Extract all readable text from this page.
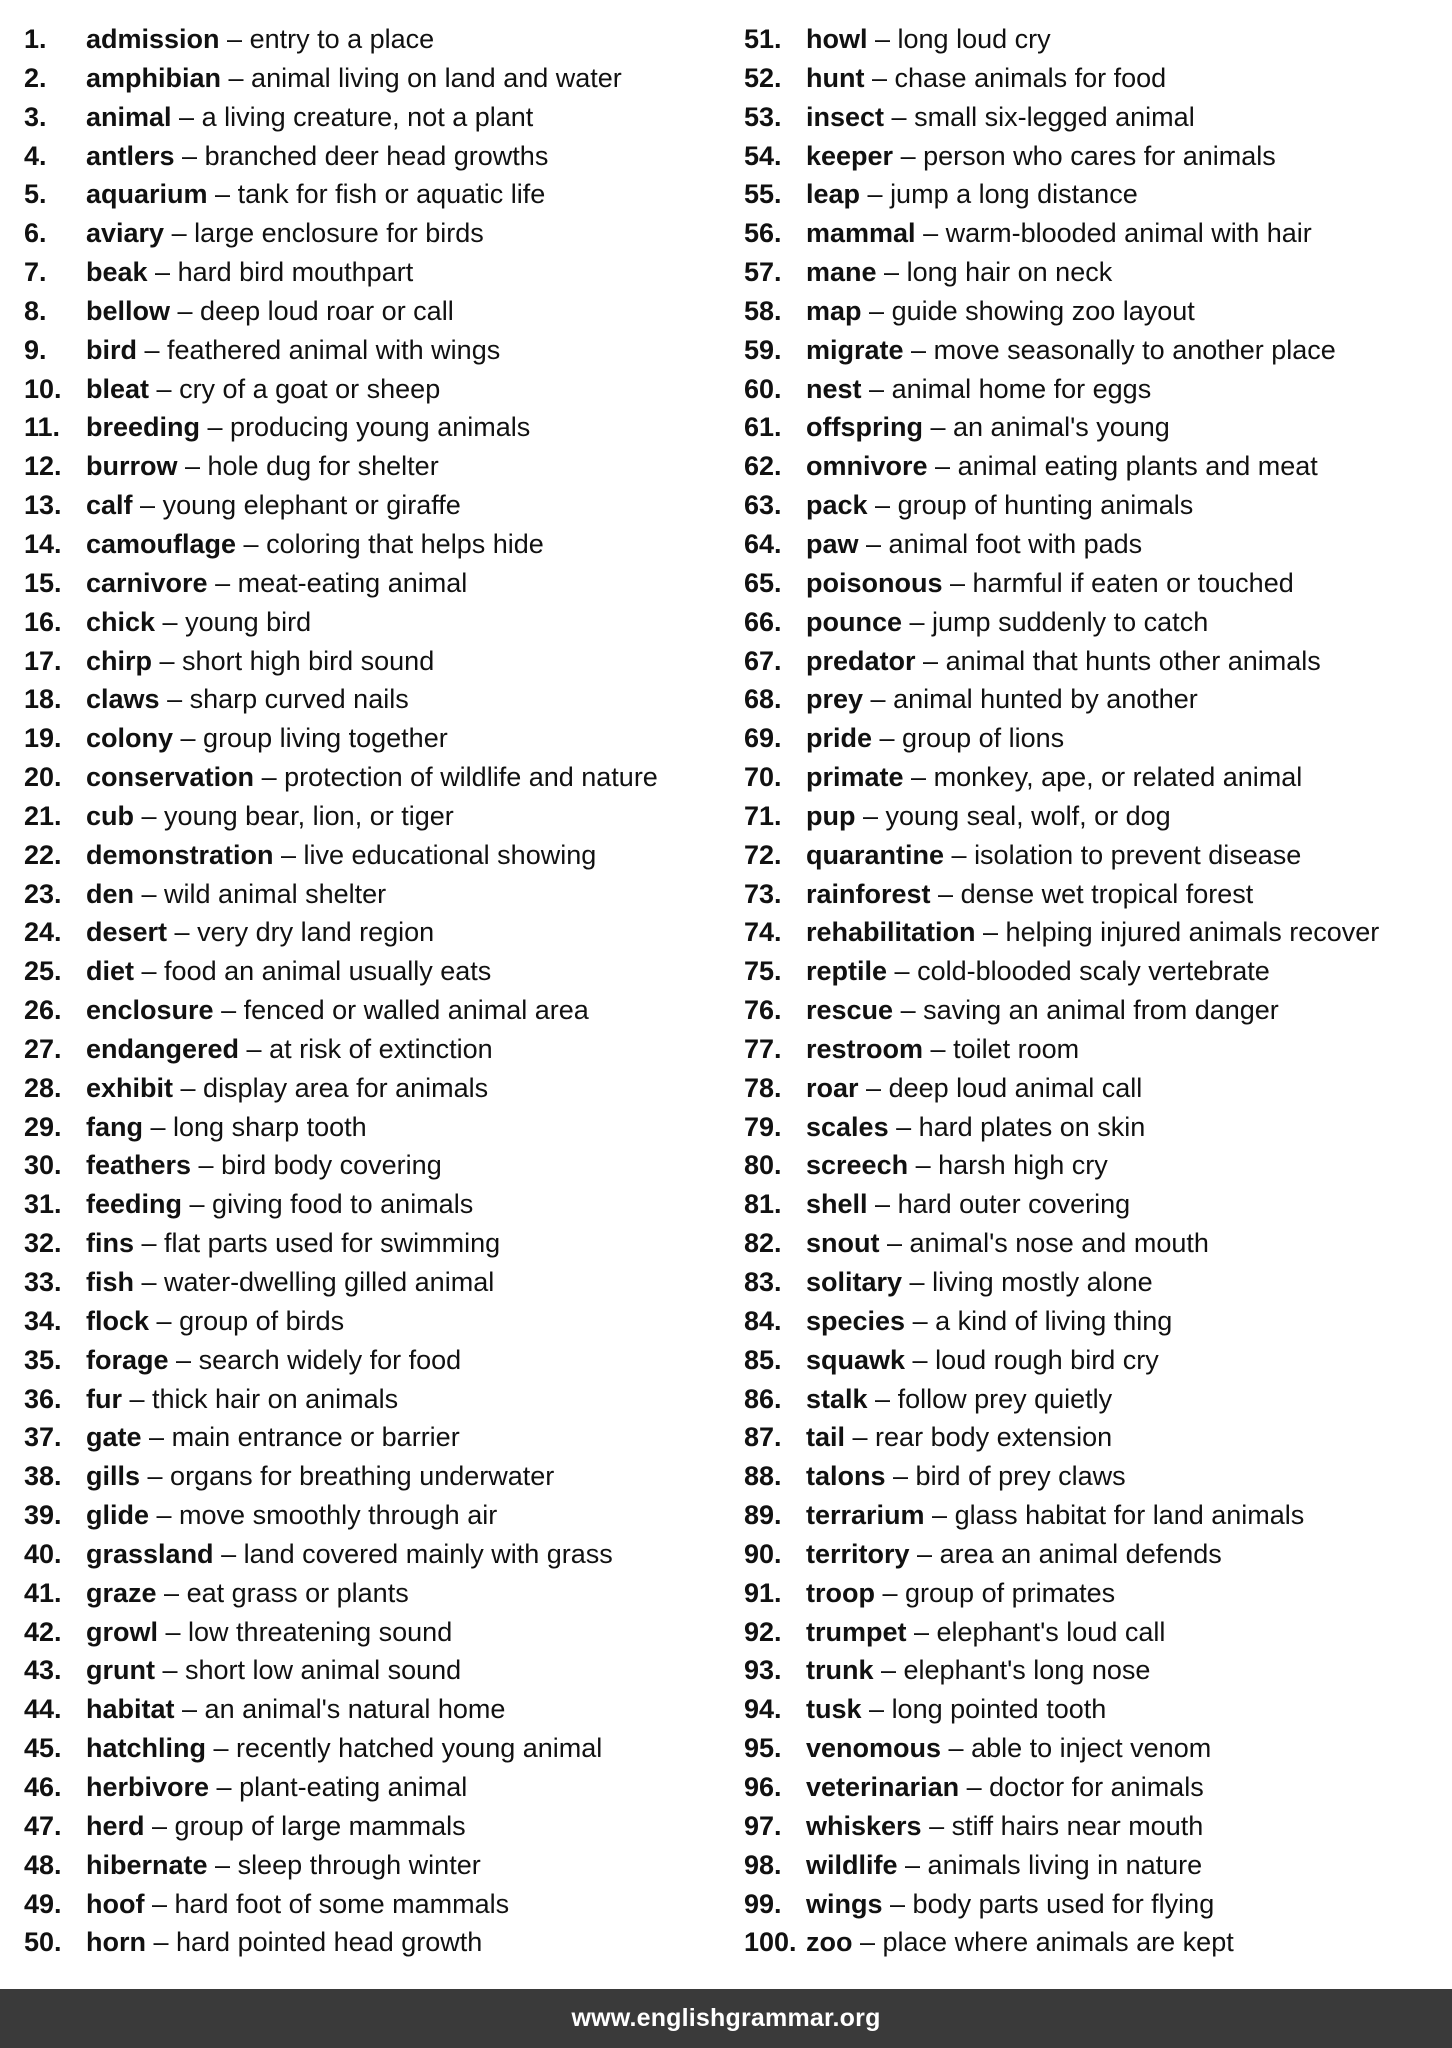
1.	admission – entry to a place
2.	amphibian – animal living on land and water
3.	animal – a living creature, not a plant
4.	antlers – branched deer head growths
5.	aquarium – tank for fish or aquatic life
6.	aviary – large enclosure for birds
7.	beak – hard bird mouthpart
8.	bellow – deep loud roar or call
9.	bird – feathered animal with wings
10. bleat – cry of a goat or sheep
11. breeding – producing young animals
12. burrow – hole dug for shelter
13. calf – young elephant or giraffe
14. camouflage – coloring that helps hide
15. carnivore – meat-eating animal
16. chick – young bird
17. chirp – short high bird sound
18. claws – sharp curved nails
19. colony – group living together
20. conservation – protection of wildlife and nature
21. cub – young bear, lion, or tiger
22. demonstration – live educational showing
23. den – wild animal shelter
24. desert – very dry land region
25. diet – food an animal usually eats
26. enclosure – fenced or walled animal area
27. endangered – at risk of extinction
28. exhibit – display area for animals
29. fang – long sharp tooth
30. feathers – bird body covering
31. feeding – giving food to animals
32. fins – flat parts used for swimming
33. fish – water-dwelling gilled animal
34. flock – group of birds
35. forage – search widely for food
36. fur – thick hair on animals
37. gate – main entrance or barrier
38. gills – organs for breathing underwater
39. glide – move smoothly through air
40. grassland – land covered mainly with grass
41. graze – eat grass or plants
42. growl – low threatening sound
43. grunt – short low animal sound
44. habitat – an animal's natural home
45. hatchling – recently hatched young animal
46. herbivore – plant-eating animal
47. herd – group of large mammals
48. hibernate – sleep through winter
49. hoof – hard foot of some mammals
50. horn – hard pointed head growth
51. howl – long loud cry
52. hunt – chase animals for food
53. insect – small six-legged animal
54. keeper – person who cares for animals
55. leap – jump a long distance
56. mammal – warm-blooded animal with hair
57. mane – long hair on neck
58. map – guide showing zoo layout
59. migrate – move seasonally to another place
60. nest – animal home for eggs
61. offspring – an animal's young
62. omnivore – animal eating plants and meat
63. pack – group of hunting animals
64. paw – animal foot with pads
65. poisonous – harmful if eaten or touched
66. pounce – jump suddenly to catch
67. predator – animal that hunts other animals
68. prey – animal hunted by another
69. pride – group of lions
70. primate – monkey, ape, or related animal
71. pup – young seal, wolf, or dog
72. quarantine – isolation to prevent disease
73. rainforest – dense wet tropical forest
74. rehabilitation – helping injured animals recover
75. reptile – cold-blooded scaly vertebrate
76. rescue – saving an animal from danger
77. restroom – toilet room
78. roar – deep loud animal call
79. scales – hard plates on skin
80. screech – harsh high cry
81. shell – hard outer covering
82. snout – animal's nose and mouth
83. solitary – living mostly alone
84. species – a kind of living thing
85. squawk – loud rough bird cry
86. stalk – follow prey quietly
87. tail – rear body extension
88. talons – bird of prey claws
89. terrarium – glass habitat for land animals
90. territory – area an animal defends
91. troop – group of primates
92. trumpet – elephant's loud call
93. trunk – elephant's long nose
94. tusk – long pointed tooth
95. venomous – able to inject venom
96. veterinarian – doctor for animals
97. whiskers – stiff hairs near mouth
98. wildlife – animals living in nature
99. wings – body parts used for flying
100. zoo – place where animals are kept
www.englishgrammar.org
